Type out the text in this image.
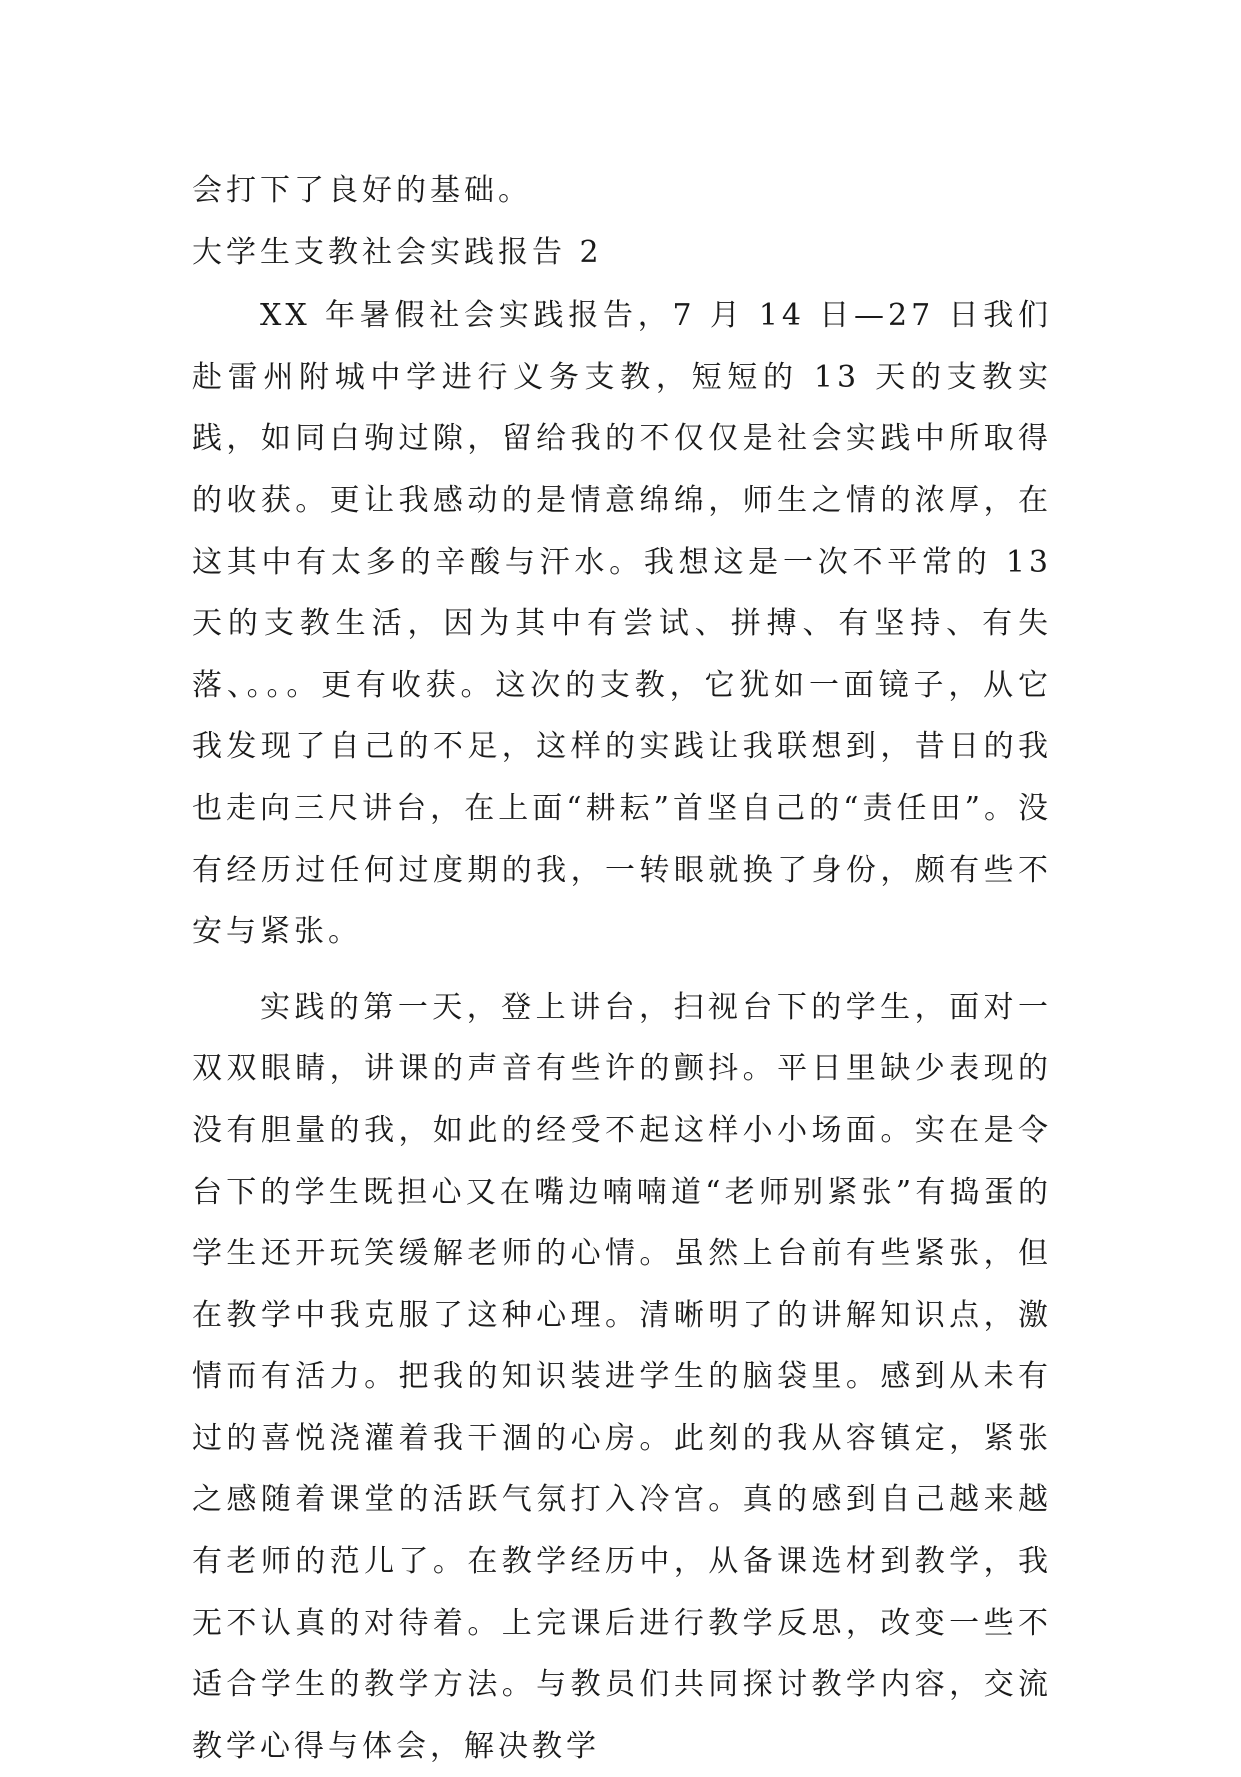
会打下了良好的基础。

大学生支教社会实践报告 2

XX 年暑假社会实践报告，7 月 14 日—27 日我们赴雷州附城中学进行义务支教，短短的 13 天的支教实践，如同白驹过隙，留给我的不仅仅是社会实践中所取得的收获。更让我感动的是情意绵绵，师生之情的浓厚，在这其中有太多的辛酸与汗水。我想这是一次不平常的 13 天的支教生活，因为其中有尝试、拼搏、有坚持、有失落、。。。更有收获。这次的支教，它犹如一面镜子，从它我发现了自己的不足，这样的实践让我联想到，昔日的我也走向三尺讲台，在上面“耕耘”首坚自己的“责任田”。没有经历过任何过度期的我，一转眼就换了身份，颇有些不安与紧张。

实践的第一天，登上讲台，扫视台下的学生，面对一双双眼睛，讲课的声音有些许的颤抖。平日里缺少表现的没有胆量的我，如此的经受不起这样小小场面。实在是令台下的学生既担心又在嘴边喃喃道“老师别紧张”有捣蛋的学生还开玩笑缓解老师的心情。虽然上台前有些紧张，但在教学中我克服了这种心理。清晰明了的讲解知识点，激情而有活力。把我的知识装进学生的脑袋里。感到从未有过的喜悦浇灌着我干涸的心房。此刻的我从容镇定，紧张之感随着课堂的活跃气氛打入冷宫。真的感到自己越来越有老师的范儿了。在教学经历中，从备课选材到教学，我无不认真的对待着。上完课后进行教学反思，改变一些不适合学生的教学方法。与教员们共同探讨教学内容，交流教学心得与体会，解决教学
